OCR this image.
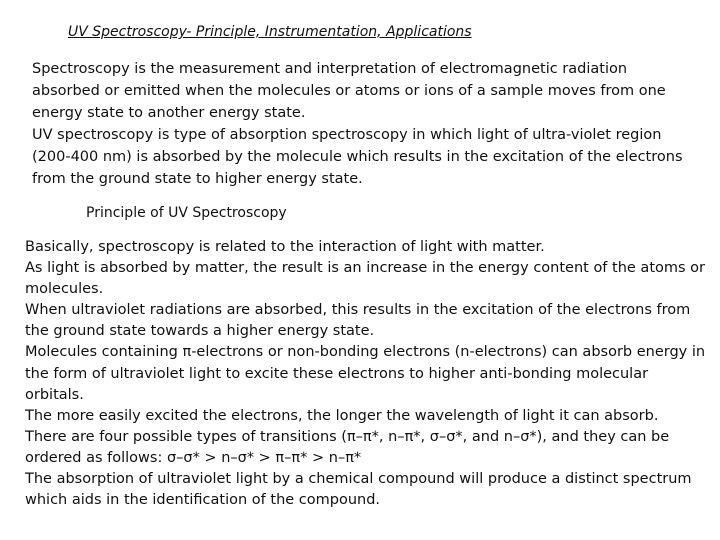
UV Spectroscopy- Principle, Instrumentation, Applications

Spectroscopy is the measurement and interpretation of electromagnetic radiation absorbed or emitted when the molecules or atoms or ions of a sample moves from one energy state to another energy state.

UV spectroscopy is type of absorption spectroscopy in which light of ultra-violet region (200-400 nm) is absorbed by the molecule which results in the excitation of the electrons from the ground state to higher energy state.

Principle of UV Spectroscopy

Basically, spectroscopy is related to the interaction of light with matter.

As light is absorbed by matter, the result is an increase in the energy content of the atoms or molecules.

When ultraviolet radiations are absorbed, this results in the excitation of the electrons from the ground state towards a higher energy state.

Molecules containing π-electrons or non-bonding electrons (n-electrons) can absorb energy in the form of ultraviolet light to excite these electrons to higher anti-bonding molecular orbitals.

The more easily excited the electrons, the longer the wavelength of light it can absorb.

There are four possible types of transitions (π–π*, n–π*, σ–σ*, and n–σ*), and they can be ordered as follows: σ–σ* > n–σ* > π–π* > n–π*

The absorption of ultraviolet light by a chemical compound will produce a distinct spectrum which aids in the identification of the compound.
